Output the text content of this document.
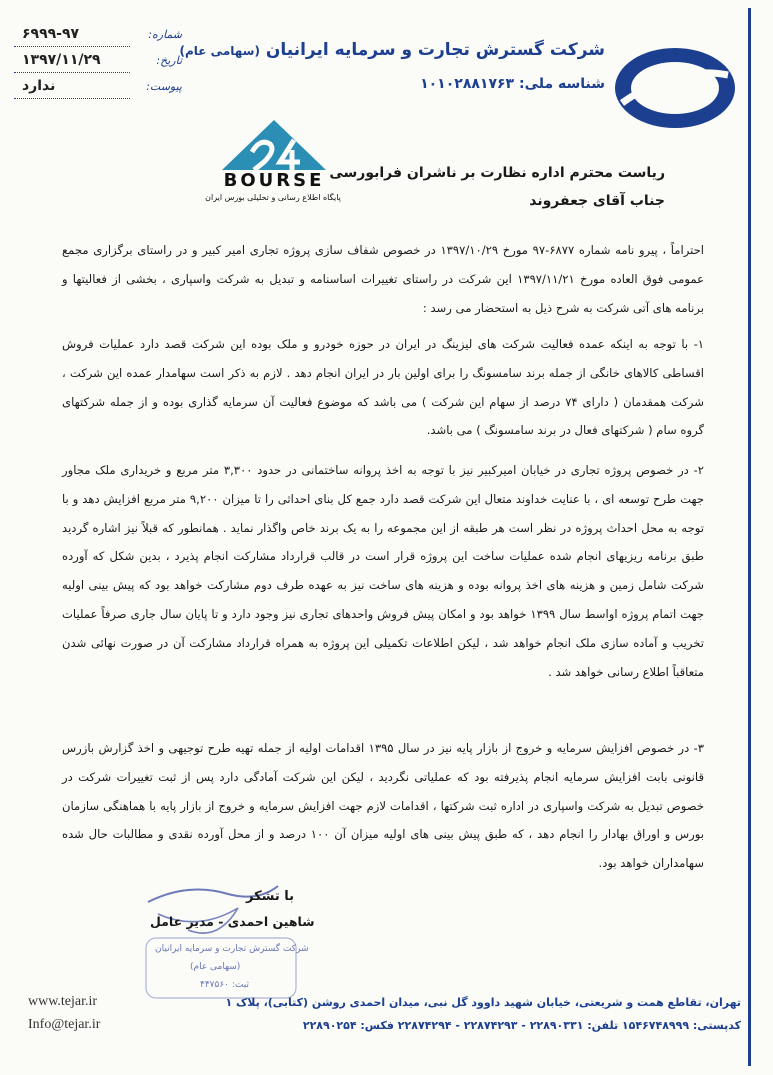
شرکت گسترش تجارت و سرمایه ایرانیان (سهامی عام)
شناسه ملی: ۱۰۱۰۲۸۸۱۷۶۳
شماره:
۶۹۹۹-۹۷
تاریخ:
۱۳۹۷/۱۱/۲۹
پیوست:
ندارد
BOURSE
پایگاه اطلاع رسانی و تحلیلی بورس ایران
ریاست محترم اداره نظارت بر ناشران فرابورسی
جناب آقای جعفروند

احتراماً ، پیرو نامه شماره ۶۸۷۷-۹۷ مورخ ۱۳۹۷/۱۰/۲۹ در خصوص شفاف سازی پروژه تجاری امیر کبیر و در راستای برگزاری مجمع عمومی فوق العاده مورخ ۱۳۹۷/۱۱/۲۱ این شرکت در راستای تغییرات اساسنامه و تبدیل به شرکت واسپاری ، بخشی از فعالیتها و برنامه های آتی شرکت به شرح ذیل به استحضار می رسد :

۱- با توجه به اینکه عمده فعالیت شرکت های لیزینگ در ایران در حوزه خودرو و ملک بوده این شرکت قصد دارد عملیات فروش اقساطی کالاهای خانگی از جمله برند سامسونگ را برای اولین بار در ایران انجام دهد . لازم به ذکر است سهامدار عمده این شرکت ، شرکت همقدمان ( دارای ۷۴ درصد از سهام این شرکت ) می باشد که موضوع فعالیت آن سرمایه گذاری بوده و از جمله شرکتهای گروه سام ( شرکتهای فعال در برند سامسونگ ) می باشد.

۲- در خصوص پروژه تجاری در خیابان امیرکبیر نیز با توجه به اخذ پروانه ساختمانی در حدود ۳,۳۰۰ متر مربع و خریداری ملک مجاور جهت طرح توسعه ای ، با عنایت خداوند متعال این شرکت قصد دارد جمع کل بنای احداثی را تا میزان ۹,۲۰۰ متر مربع افزایش دهد و با توجه به محل احداث پروژه در نظر است هر طبقه از این مجموعه را به یک برند خاص واگذار نماید . همانطور که قبلاً نیز اشاره گردید طبق برنامه ریزیهای انجام شده عملیات ساخت این پروژه قرار است در قالب قرارداد مشارکت انجام پذیرد ، بدین شکل که آورده شرکت شامل زمین و هزینه های اخذ پروانه بوده و هزینه های ساخت نیز به عهده طرف دوم مشارکت خواهد بود که پیش بینی اولیه جهت اتمام پروژه اواسط سال ۱۳۹۹ خواهد بود و امکان پیش فروش واحدهای تجاری نیز وجود دارد و تا پایان سال جاری صرفاً عملیات تخریب و آماده سازی ملک انجام خواهد شد ، لیکن اطلاعات تکمیلی این پروژه به همراه قرارداد مشارکت آن در صورت نهائی شدن متعاقباً اطلاع رسانی خواهد شد .

۳- در خصوص افزایش سرمایه و خروج از بازار پایه نیز در سال ۱۳۹۵ اقدامات اولیه از جمله تهیه طرح توجیهی و اخذ گزارش بازرس قانونی بابت افزایش سرمایه انجام پذیرفته بود که عملیاتی نگردید ، لیکن این شرکت آمادگی دارد پس از ثبت تغییرات شرکت در خصوص تبدیل به شرکت واسپاری در اداره ثبت شرکتها ، اقدامات لازم جهت افزایش سرمایه و خروج از بازار پایه با هماهنگی سازمان بورس و اوراق بهادار را انجام دهد ، که طبق پیش بینی های اولیه میزان آن ۱۰۰ درصد و از محل آورده نقدی و مطالبات حال شده سهامداران خواهد بود.

شرکت گسترش تجارت و سرمایه ایرانیان
(سهامی عام)
ثبت: ۴۴۷۵۶۰
با تشکر
شاهین احمدی - مدیر عامل
www.tejar.ir
Info@tejar.ir
تهران، تقاطع همت و شریعتی، خیابان شهید داوود گل نبی، میدان احمدی روشن (کتابی)، پلاک ۱
کدپستی: ۱۵۴۶۷۴۸۹۹۹ تلفن: ۲۲۸۹۰۳۳۱ - ۲۲۸۷۴۲۹۳ - ۲۲۸۷۴۲۹۴ فکس: ۲۲۸۹۰۲۵۴
